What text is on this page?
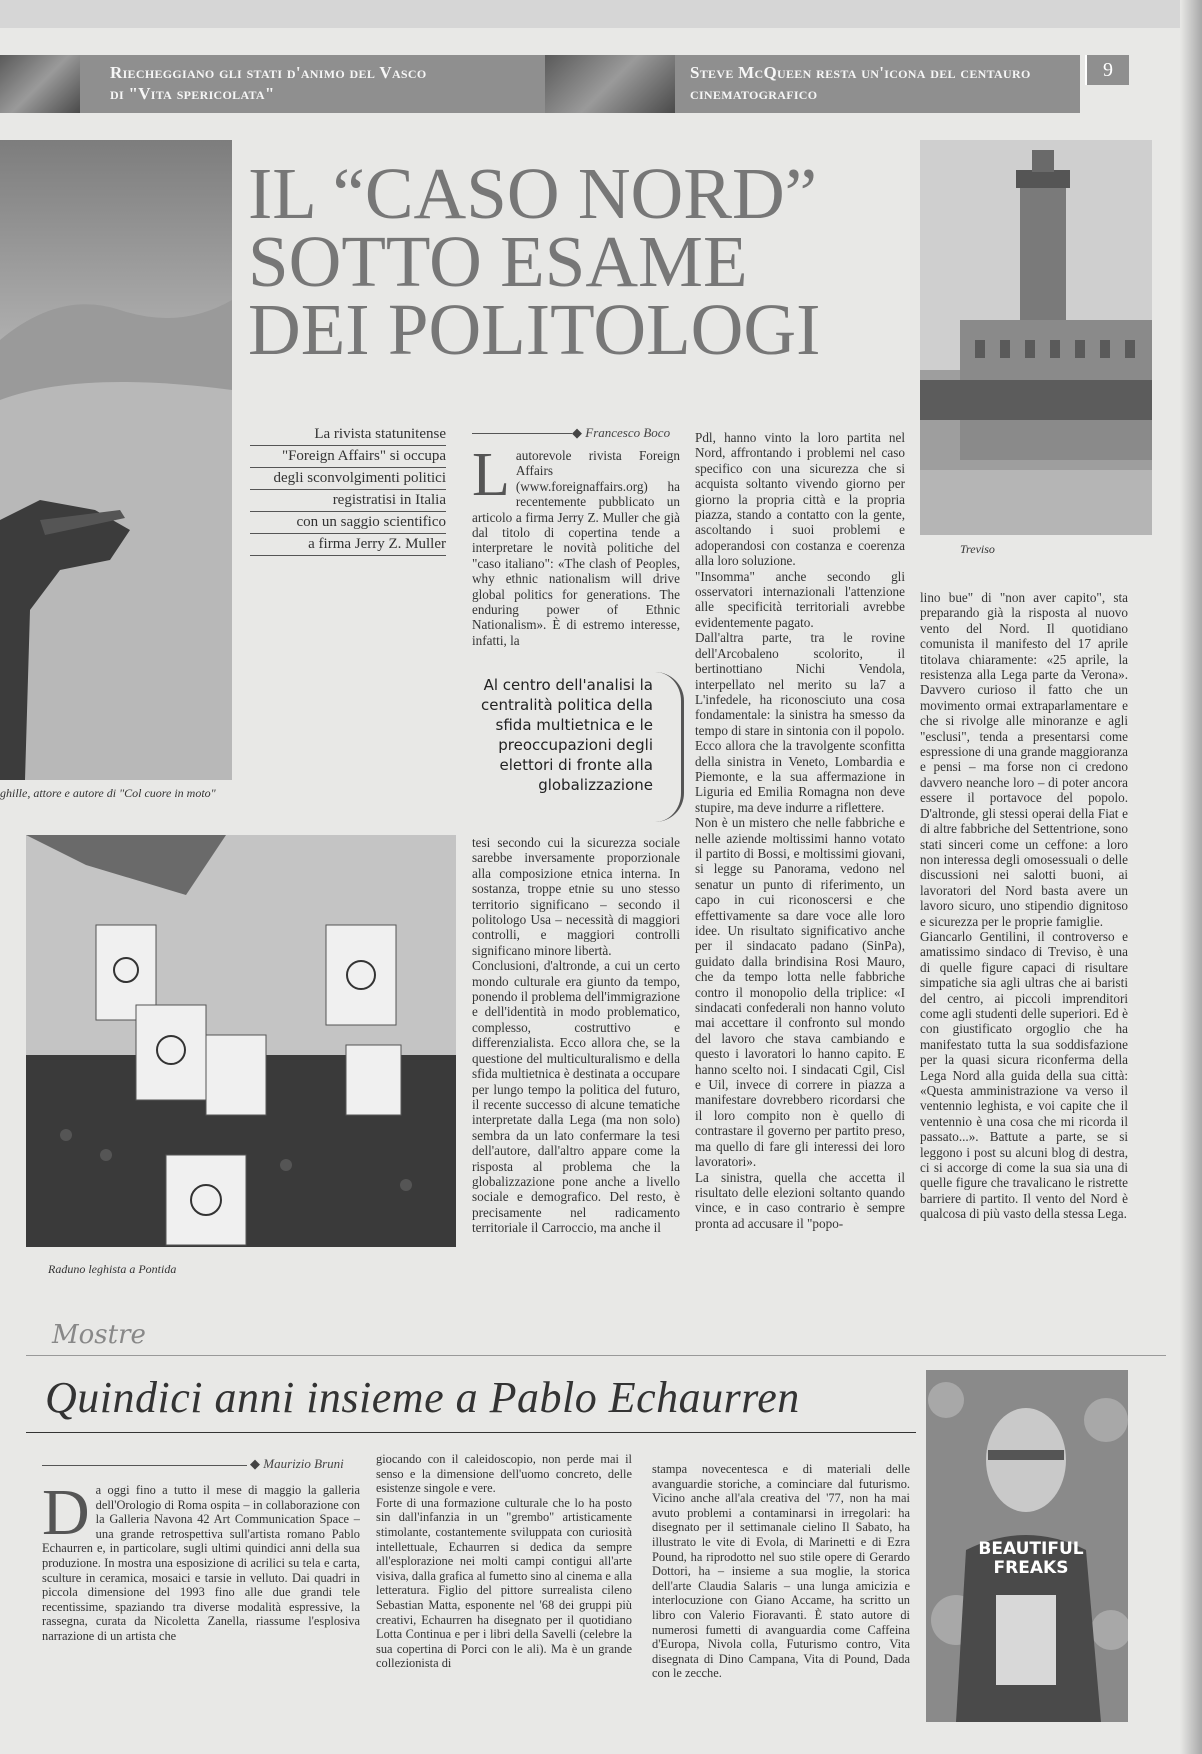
Riecheggiano gli stati d'animo del Vasco di "Vita spericolata"
Steve McQueen resta un'icona del centauro cinematografico
9
ghille, attore e autore di "Col cuore in moto"
IL “CASO NORD”
SOTTO ESAME
DEI POLITOLOGI
Treviso
La rivista statunitense
"Foreign Affairs" si occupa
degli sconvolgimenti politici
registratisi in Italia
con un saggio scientifico
a firma Jerry Z. Muller
◆ Francesco Boco
Lautorevole rivista Foreign Affairs (www.foreignaffairs.org) ha recentemente pubblicato un articolo a firma Jerry Z. Muller che già dal titolo di copertina tende a interpretare le novità politiche del "caso italiano": «The clash of Peoples, why ethnic nationalism will drive global politics for generations. The enduring power of Ethnic Nationalism». È di estremo interesse, infatti, la
Al centro dell'analisi la centralità politica della sfida multietnica e le preoccupazioni degli elettori di fronte alla globalizzazione
Raduno leghista a Pontida
tesi secondo cui la sicurezza sociale sarebbe inversamente proporzionale alla composizione etnica interna. In sostanza, troppe etnie su uno stesso territorio significano – secondo il politologo Usa – necessità di maggiori controlli, e maggiori controlli significano minore libertà.
Conclusioni, d'altronde, a cui un certo mondo culturale era giunto da tempo, ponendo il problema dell'immigrazione e dell'identità in modo problematico, complesso, costruttivo e differenzialista. Ecco allora che, se la questione del multiculturalismo e della sfida multietnica è destinata a occupare per lungo tempo la politica del futuro, il recente successo di alcune tematiche interpretate dalla Lega (ma non solo) sembra da un lato confermare la tesi dell'autore, dall'altro appare come la risposta al problema che la globalizzazione pone anche a livello sociale e demografico. Del resto, è precisamente nel radicamento territoriale il Carroccio, ma anche il
Pdl, hanno vinto la loro partita nel Nord, affrontando i problemi nel caso specifico con una sicurezza che si acquista soltanto vivendo giorno per giorno la propria città e la propria piazza, stando a contatto con la gente, ascoltando i suoi problemi e adoperandosi con costanza e coerenza alla loro soluzione.
"Insomma" anche secondo gli osservatori internazionali l'attenzione alle specificità territoriali avrebbe evidentemente pagato.
Dall'altra parte, tra le rovine dell'Arcobaleno scolorito, il bertinottiano Nichi Vendola, interpellato nel merito su la7 a L'infedele, ha riconosciuto una cosa fondamentale: la sinistra ha smesso da tempo di stare in sintonia con il popolo.
Ecco allora che la travolgente sconfitta della sinistra in Veneto, Lombardia e Piemonte, e la sua affermazione in Liguria ed Emilia Romagna non deve stupire, ma deve indurre a riflettere.
Non è un mistero che nelle fabbriche e nelle aziende moltissimi hanno votato il partito di Bossi, e moltissimi giovani, si legge su Panorama, vedono nel senatur un punto di riferimento, un capo in cui riconoscersi e che effettivamente sa dare voce alle loro idee. Un risultato significativo anche per il sindacato padano (SinPa), guidato dalla brindisina Rosi Mauro, che da tempo lotta nelle fabbriche contro il monopolio della triplice: «I sindacati confederali non hanno voluto mai accettare il confronto sul mondo del lavoro che stava cambiando e questo i lavoratori lo hanno capito. E hanno scelto noi. I sindacati Cgil, Cisl e Uil, invece di correre in piazza a manifestare dovrebbero ricordarsi che il loro compito non è quello di contrastare il governo per partito preso, ma quello di fare gli interessi dei loro lavoratori».
La sinistra, quella che accetta il risultato delle elezioni soltanto quando vince, e in caso contrario è sempre pronta ad accusare il "popo-
lino bue" di "non aver capito", sta preparando già la risposta al nuovo vento del Nord. Il quotidiano comunista il manifesto del 17 aprile titolava chiaramente: «25 aprile, la resistenza alla Lega parte da Verona». Davvero curioso il fatto che un movimento ormai extraparlamentare e che si rivolge alle minoranze e agli "esclusi", tenda a presentarsi come espressione di una grande maggioranza e pensi – ma forse non ci credono davvero neanche loro – di poter ancora essere il portavoce del popolo. D'altronde, gli stessi operai della Fiat e di altre fabbriche del Settentrione, sono stati sinceri come un ceffone: a loro non interessa degli omosessuali o delle discussioni nei salotti buoni, ai lavoratori del Nord basta avere un lavoro sicuro, uno stipendio dignitoso e sicurezza per le proprie famiglie.
Giancarlo Gentilini, il controverso e amatissimo sindaco di Treviso, è una di quelle figure capaci di risultare simpatiche sia agli ultras che ai baristi del centro, ai piccoli imprenditori come agli studenti delle superiori. Ed è con giustificato orgoglio che ha manifestato tutta la sua soddisfazione per la quasi sicura riconferma della Lega Nord alla guida della sua città: «Questa amministrazione va verso il ventennio leghista, e voi capite che il ventennio è una cosa che mi ricorda il passato...». Battute a parte, se si leggono i post su alcuni blog di destra, ci si accorge di come la sua sia una di quelle figure che travalicano le ristrette barriere di partito. Il vento del Nord è qualcosa di più vasto della stessa Lega.
Mostre
Quindici anni insieme a Pablo Echaurren
◆ Maurizio Bruni
Da oggi fino a tutto il mese di maggio la galleria dell'Orologio di Roma ospita – in collaborazione con la Galleria Navona 42 Art Communication Space – una grande retrospettiva sull'artista romano Pablo Echaurren e, in particolare, sugli ultimi quindici anni della sua produzione. In mostra una esposizione di acrilici su tela e carta, sculture in ceramica, mosaici e tarsie in velluto. Dai quadri in piccola dimensione del 1993 fino alle due grandi tele recentissime, spaziando tra diverse modalità espressive, la rassegna, curata da Nicoletta Zanella, riassume l'esplosiva narrazione di un artista che
giocando con il caleidoscopio, non perde mai il senso e la dimensione dell'uomo concreto, delle esistenze singole e vere.
Forte di una formazione culturale che lo ha posto sin dall'infanzia in un "grembo" artisticamente stimolante, costantemente sviluppata con curiosità intellettuale, Echaurren si dedica da sempre all'esplorazione nei molti campi contigui all'arte visiva, dalla grafica al fumetto sino al cinema e alla letteratura. Figlio del pittore surrealista cileno Sebastian Matta, esponente nel '68 dei gruppi più creativi, Echaurren ha disegnato per il quotidiano Lotta Continua e per i libri della Savelli (celebre la sua copertina di Porci con le ali). Ma è un grande collezionista di
stampa novecentesca e di materiali delle avanguardie storiche, a cominciare dal futurismo. Vicino anche all'ala creativa del '77, non ha mai avuto problemi a contaminarsi in irregolari: ha disegnato per il settimanale cielino Il Sabato, ha illustrato le vite di Evola, di Marinetti e di Ezra Pound, ha riprodotto nel suo stile opere di Gerardo Dottori, ha – insieme a sua moglie, la storica dell'arte Claudia Salaris – una lunga amicizia e interlocuzione con Giano Accame, ha scritto un libro con Valerio Fioravanti. È stato autore di numerosi fumetti di avanguardia come Caffeina d'Europa, Nivola colla, Futurismo contro, Vita disegnata di Dino Campana, Vita di Pound, Dada con le zecche.
BEAUTIFUL FREAKS
